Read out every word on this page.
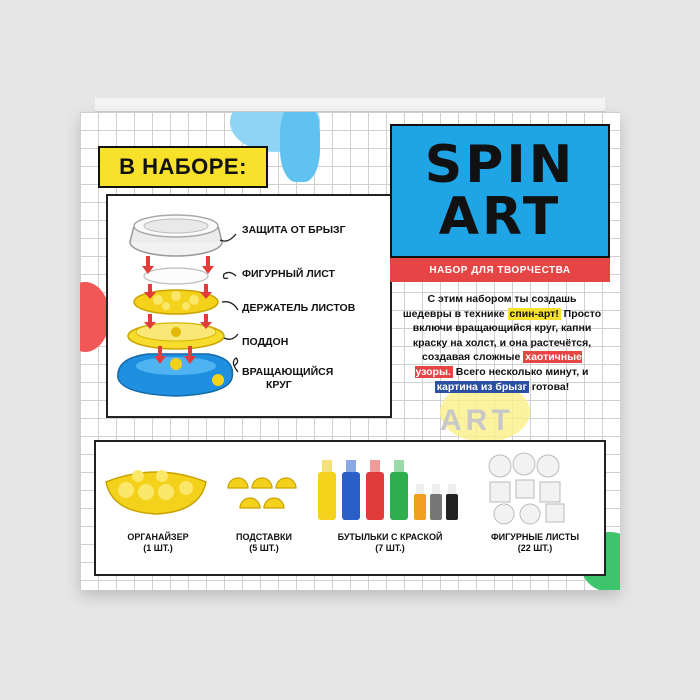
В НАБОРЕ:
ЗАЩИТА ОТ БРЫЗГ
ФИГУРНЫЙ ЛИСТ
ДЕРЖАТЕЛЬ ЛИСТОВ
ПОДДОН
ВРАЩАЮЩИЙСЯ
КРУГ
SPIN
ART
НАБОР ДЛЯ ТВОРЧЕСТВА
С этим набором ты создашь шедевры в технике спин-арт! Просто включи вращающийся круг, капни краску на холст, и она растечётся, создавая сложные хаотичные узоры. Всего несколько минут, и картина из брызг готова!
ART
ОРГАНАЙЗЕР
(1 ШТ.)
ПОДСТАВКИ
(5 ШТ.)
БУТЫЛЬКИ С КРАСКОЙ
(7 ШТ.)
ФИГУРНЫЕ ЛИСТЫ
(22 ШТ.)
